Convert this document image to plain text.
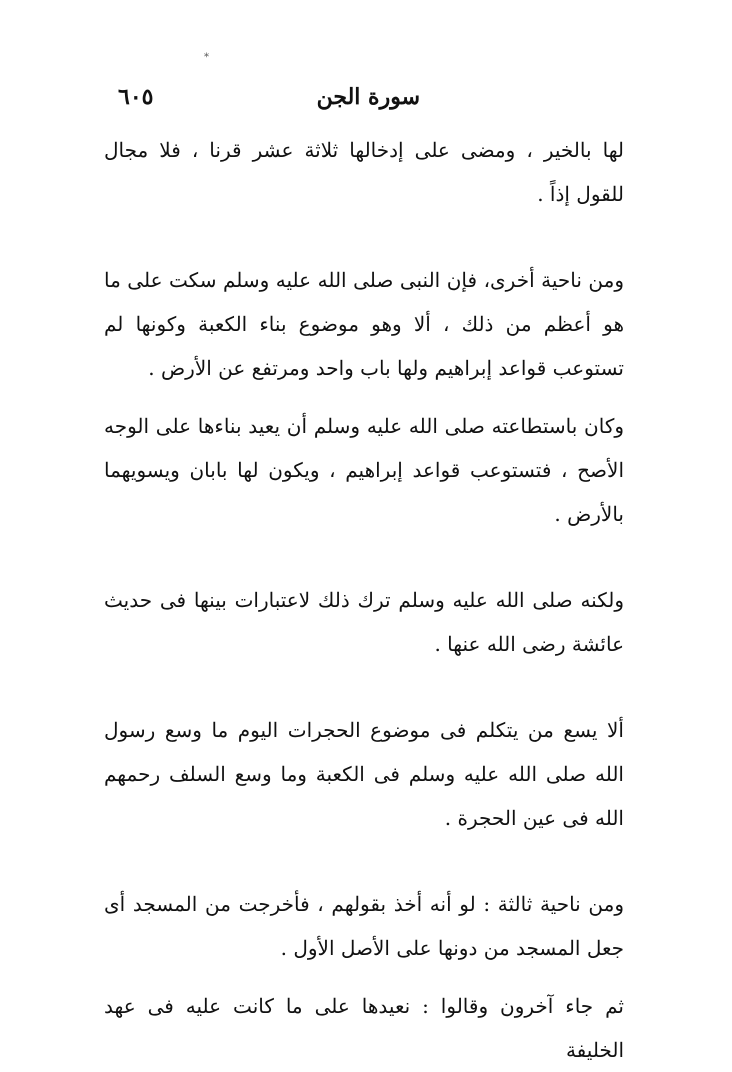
*
سورة الجن
٦٠٥

لها بالخير ، ومضى على إدخالها ثلاثة عشر قرنا ، فلا مجال للقول إذاً .

ومن ناحية أخرى، فإن النبى صلى الله عليه وسلم سكت على ما هو أعظم من ذلك ، ألا وهو موضوع بناء الكعبة وكونها لم تستوعب قواعد إبراهيم ولها باب واحد ومرتفع عن الأرض .

وكان باستطاعته صلى الله عليه وسلم أن يعيد بناءها على الوجه الأصح ، فتستوعب قواعد إبراهيم ، ويكون لها بابان ويسويهما بالأرض .

ولكنه صلى الله عليه وسلم ترك ذلك لاعتبارات بينها فى حديث عائشة رضى الله عنها .

ألا يسع من يتكلم فى موضوع الحجرات اليوم ما وسع رسول الله صلى الله عليه وسلم فى الكعبة وما وسع السلف رحمهم الله فى عين الحجرة .

ومن ناحية ثالثة : لو أنه أخذ بقولهم ، فأخرجت من المسجد أى جعل المسجد من دونها على الأصل الأول .

ثم جاء آخرون وقالوا : نعيدها على ما كانت عليه فى عهد الخليفة
